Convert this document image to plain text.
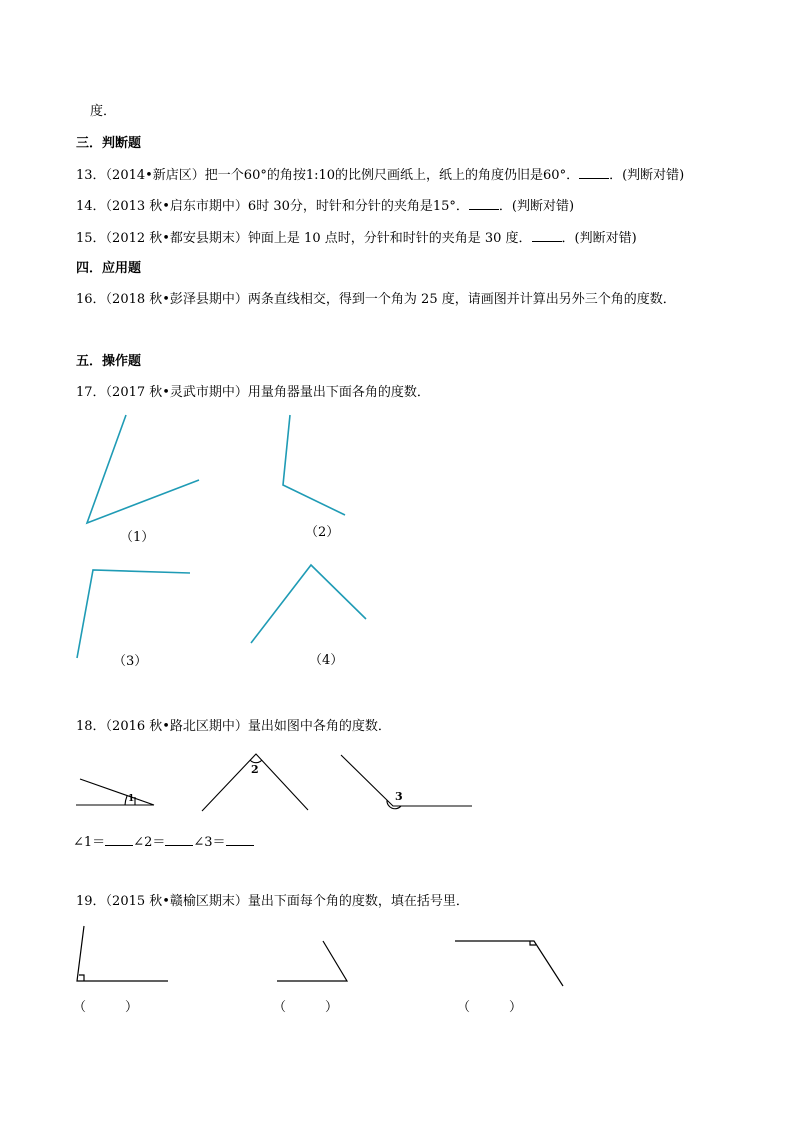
度．
三．判断题
13．（2014•新店区）把一个60°的角按1:10的比例尺画纸上，纸上的角度仍旧是60°． ．(判断对错)
14．（2013 秋•启东市期中）6时 30分，时针和分针的夹角是15°． ．(判断对错)
15．（2012 秋•都安县期末）钟面上是 10 点时，分针和时针的夹角是 30 度． ．(判断对错)
四．应用题
16．（2018 秋•彭泽县期中）两条直线相交，得到一个角为 25 度，请画图并计算出另外三个角的度数．
五．操作题
17．（2017 秋•灵武市期中）用量角器量出下面各角的度数．
（1）	（2）
（3）	（4）
18．（2016 秋•路北区期中）量出如图中各角的度数．
1
2
3
∠1＝ ∠2＝ ∠3＝
19．（2015 秋•赣榆区期末）量出下面每个角的度数，填在括号里．
（　　　）	（　　　）	（　　　）
